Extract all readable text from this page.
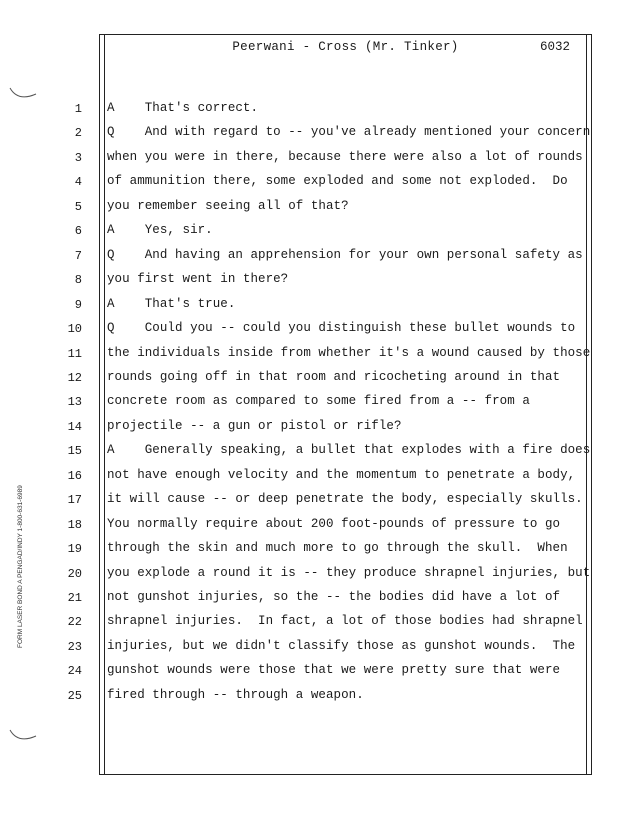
FORM LASER BOND A PENGAD/INDY 1-800-631-6989
Peerwani - Cross (Mr. Tinker)	6032
1 A    That's correct.
2 Q    And with regard to -- you've already mentioned your concern
3 when you were in there, because there were also a lot of rounds
4 of ammunition there, some exploded and some not exploded.  Do
5 you remember seeing all of that?
6 A    Yes, sir.
7 Q    And having an apprehension for your own personal safety as
8 you first went in there?
9 A    That's true.
10 Q    Could you -- could you distinguish these bullet wounds to
11 the individuals inside from whether it's a wound caused by those
12 rounds going off in that room and ricocheting around in that
13 concrete room as compared to some fired from a -- from a
14 projectile -- a gun or pistol or rifle?
15 A    Generally speaking, a bullet that explodes with a fire does
16 not have enough velocity and the momentum to penetrate a body,
17 it will cause -- or deep penetrate the body, especially skulls.
18 You normally require about 200 foot-pounds of pressure to go
19 through the skin and much more to go through the skull.  When
20 you explode a round it is -- they produce shrapnel injuries, but
21 not gunshot injuries, so the -- the bodies did have a lot of
22 shrapnel injuries.  In fact, a lot of those bodies had shrapnel
23 injuries, but we didn't classify those as gunshot wounds.  The
24 gunshot wounds were those that we were pretty sure that were
25 fired through -- through a weapon.
